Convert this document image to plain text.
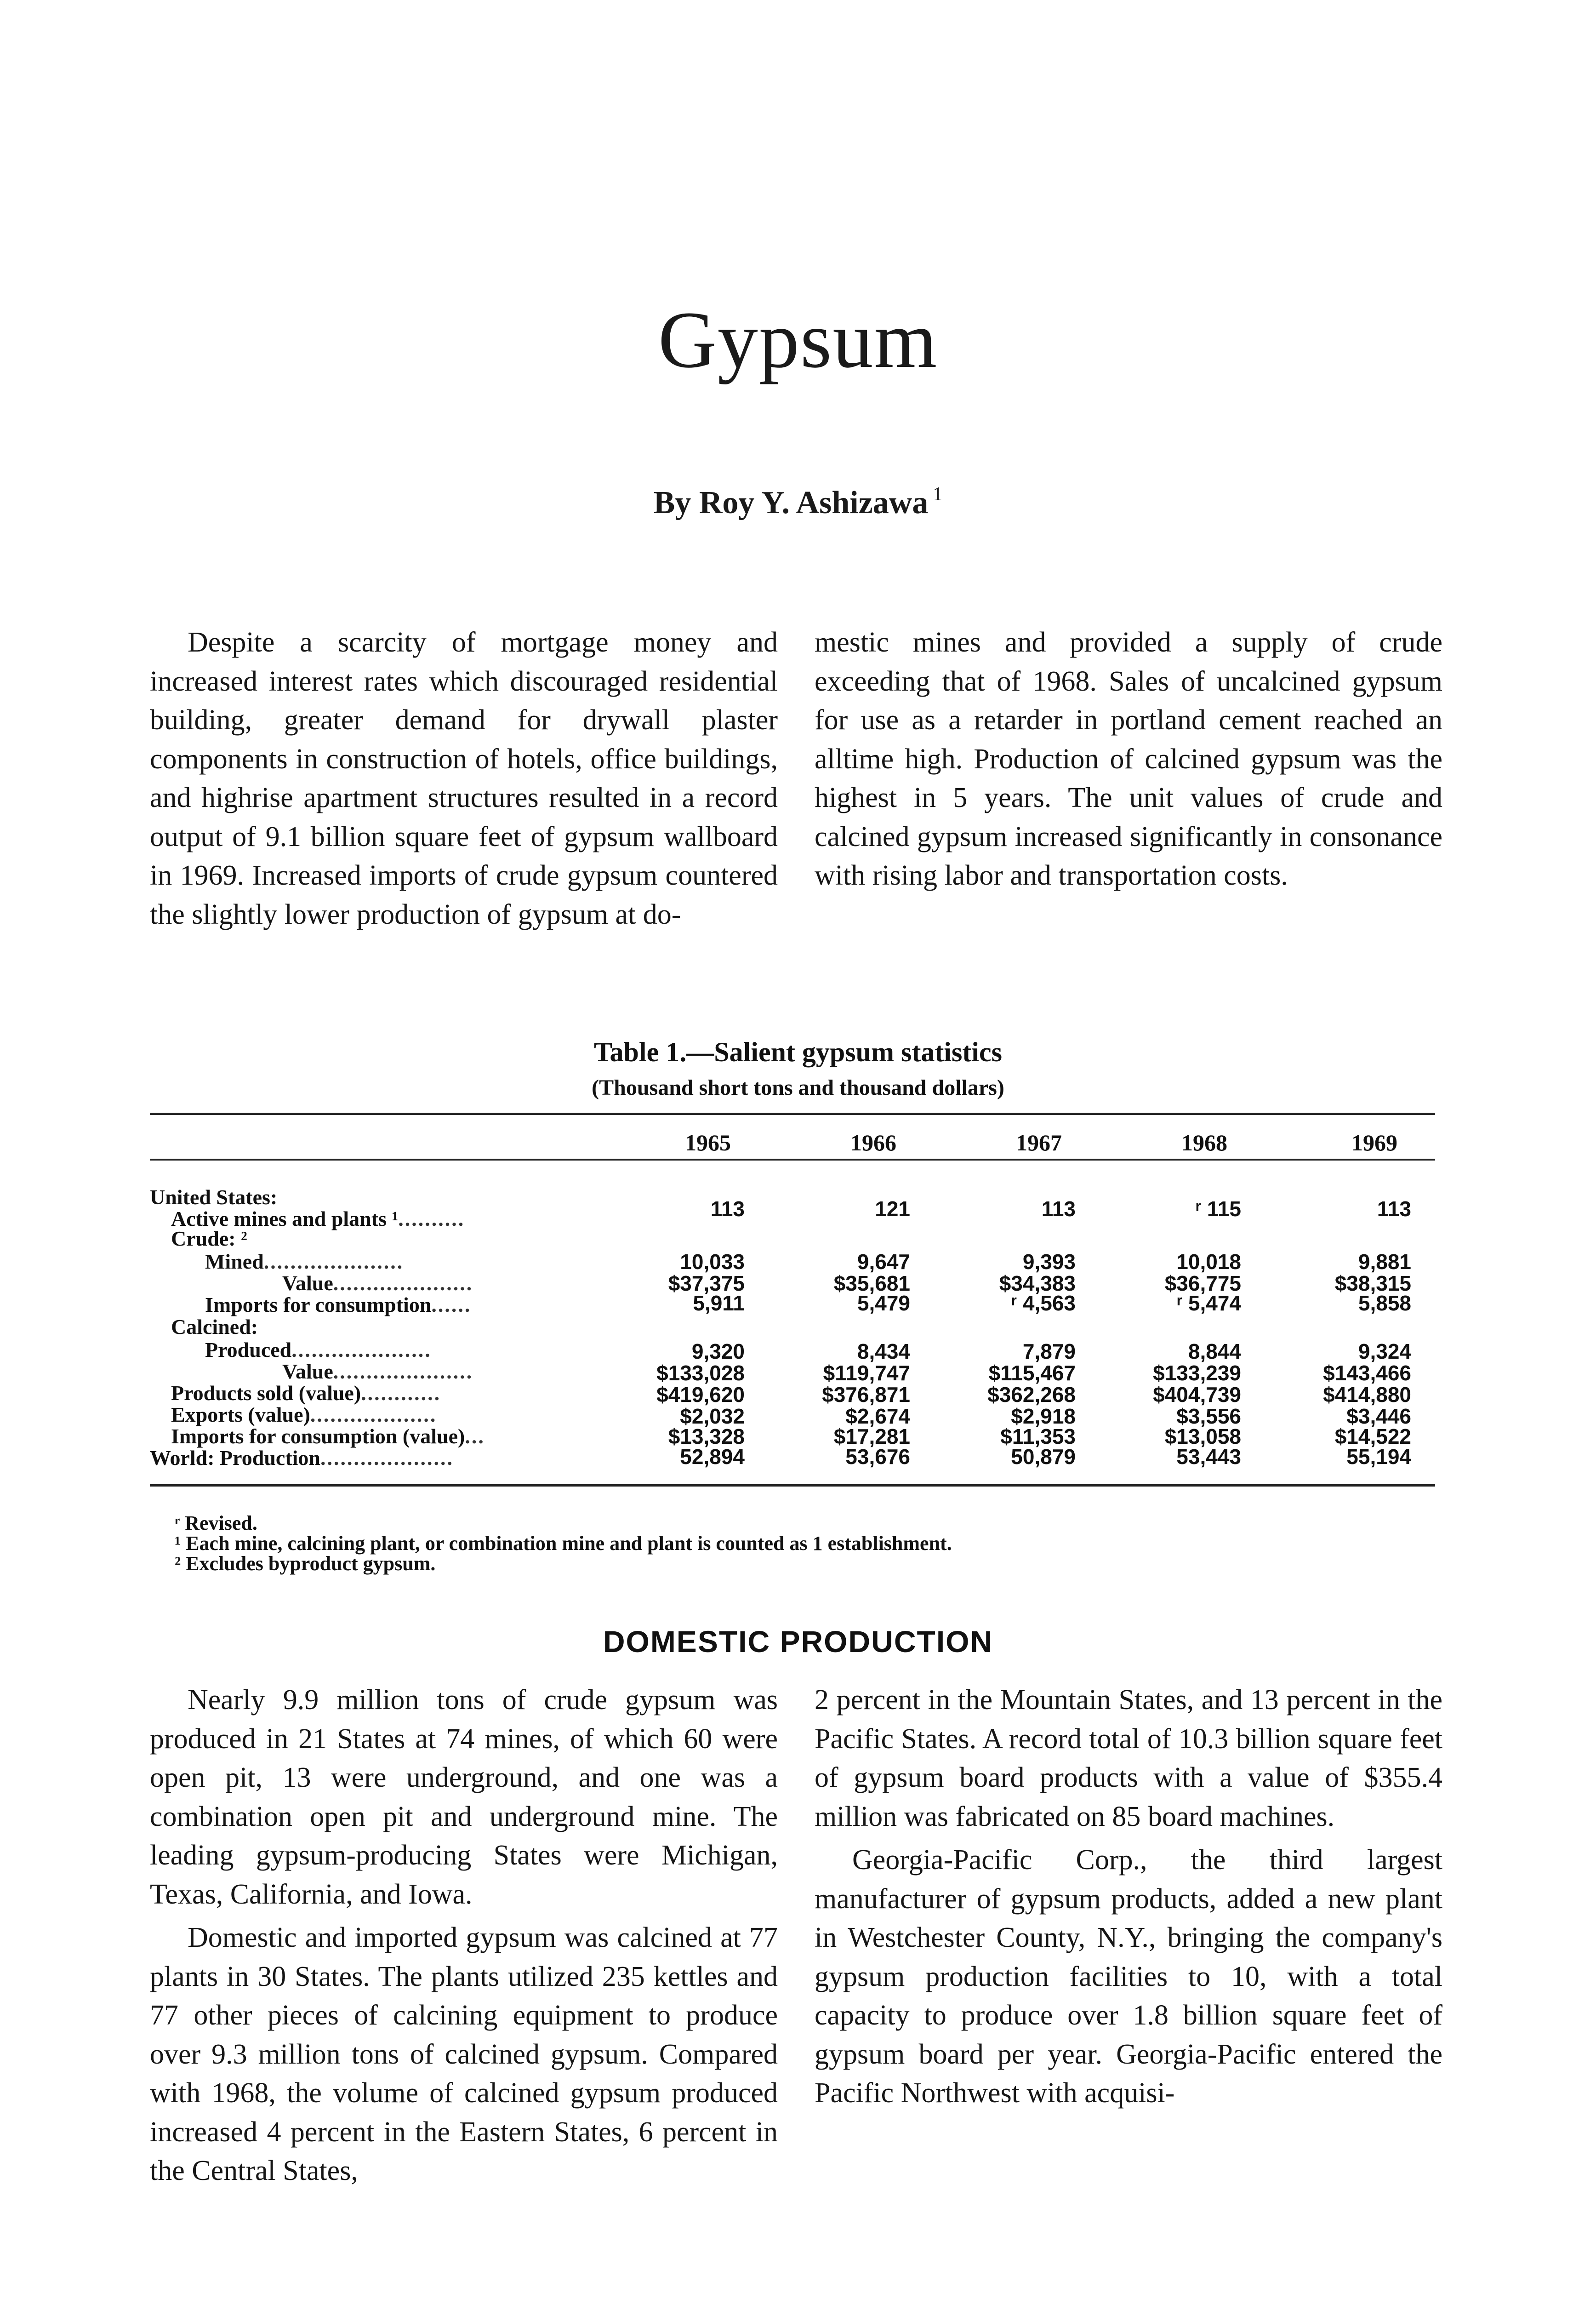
Gypsum
By Roy Y. Ashizawa $^1$

Despite a scarcity of mortgage money and increased interest rates which discouraged residential building, greater demand for drywall plaster components in construction of hotels, office buildings, and highrise apartment structures resulted in a record output of 9.1 billion square feet of gypsum wallboard in 1969. Increased imports of crude gypsum countered the slightly lower production of gypsum at do-

mestic mines and provided a supply of crude exceeding that of 1968. Sales of uncalcined gypsum for use as a retarder in portland cement reached an alltime high. Production of calcined gypsum was the highest in 5 years. The unit values of crude and calcined gypsum increased significantly in consonance with rising labor and transportation costs.

Table 1.—Salient gypsum statistics
(Thousand short tons and thousand dollars)
1965	1966	1967	1968	1969
United States:
Active mines and plants ¹..........	113	121	113	ʳ 115	113
Crude: ²
Mined.....................	10,033	9,647	9,393	10,018	9,881
Value.....................	$37,375	$35,681	$34,383	$36,775	$38,315
Imports for consumption......	5,911	5,479	ʳ 4,563	ʳ 5,474	5,858
Calcined:
Produced.....................	9,320	8,434	7,879	8,844	9,324
Value.....................	$133,028	$119,747	$115,467	$133,239	$143,466
Products sold (value)............	$419,620	$376,871	$362,268	$404,739	$414,880
Exports (value)...................	$2,032	$2,674	$2,918	$3,556	$3,446
Imports for consumption (value)...	$13,328	$17,281	$11,353	$13,058	$14,522
World: Production....................	52,894	53,676	50,879	53,443	55,194
ʳ Revised.
¹ Each mine, calcining plant, or combination mine and plant is counted as 1 establishment.
² Excludes byproduct gypsum.
DOMESTIC PRODUCTION

Nearly 9.9 million tons of crude gypsum was produced in 21 States at 74 mines, of which 60 were open pit, 13 were underground, and one was a combination open pit and underground mine. The leading gypsum-producing States were Michigan, Texas, California, and Iowa.

Domestic and imported gypsum was calcined at 77 plants in 30 States. The plants utilized 235 kettles and 77 other pieces of calcining equipment to produce over 9.3 million tons of calcined gypsum. Compared with 1968, the volume of calcined gypsum produced increased 4 percent in the Eastern States, 6 percent in the Central States,

2 percent in the Mountain States, and 13 percent in the Pacific States. A record total of 10.3 billion square feet of gypsum board products with a value of $355.4 million was fabricated on 85 board machines.

Georgia-Pacific Corp., the third largest manufacturer of gypsum products, added a new plant in Westchester County, N.Y., bringing the company's gypsum production facilities to 10, with a total capacity to produce over 1.8 billion square feet of gypsum board per year. Georgia-Pacific entered the Pacific Northwest with acquisi-
